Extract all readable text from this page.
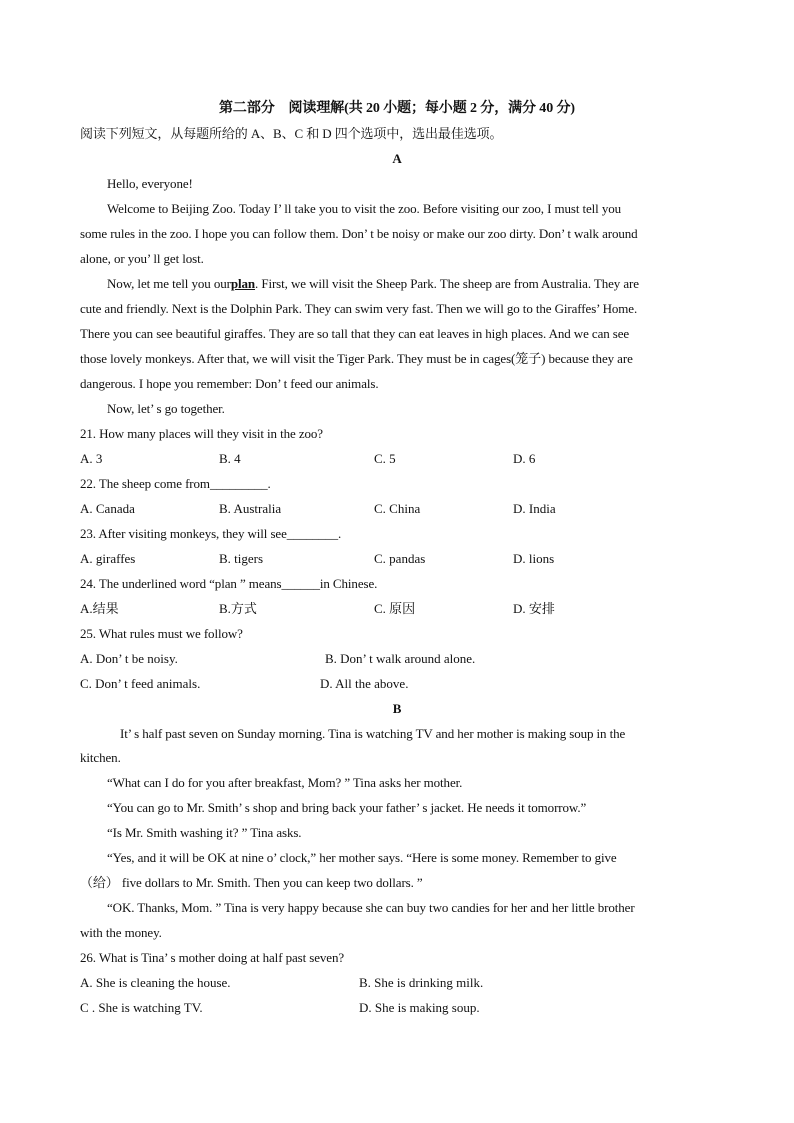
第二部分　阅读理解(共 20 小题；每小题 2 分，满分 40 分)
阅读下列短文，从每题所给的 A、B、C 和 D 四个选项中，选出最佳选项。
A
Hello, everyone!
Welcome to Beijing Zoo. Today I’ ll take you to visit the zoo. Before visiting our zoo, I must tell you
some rules in the zoo. I hope you can follow them. Don’ t be noisy or make our zoo dirty. Don’ t walk around
alone, or you’ ll get lost.
Now, let me tell you ourplan. First, we will visit the Sheep Park. The sheep are from Australia. They are
cute and friendly. Next is the Dolphin Park. They can swim very fast. Then we will go to the Giraffes’ Home.
There you can see beautiful giraffes. They are so tall that they can eat leaves in high places. And we can see
those lovely monkeys. After that, we will visit the Tiger Park. They must be in cages(笼子) because they are
dangerous. I hope you remember: Don’ t feed our animals.
Now, let’ s go together.
21. How many places will they visit in the zoo?
A. 3	B. 4	C. 5	D. 6
22. The sheep come from_________.
A. Canada	B. Australia	C. China	D. India
23. After visiting monkeys, they will see________.
A. giraffes	B. tigers	C. pandas	D. lions
24. The underlined word “plan ” means______in Chinese.
A.结果	B.方式	C. 原因	D. 安排
25. What rules must we follow?
A. Don’ t be noisy.	B. Don’ t walk around alone.
C. Don’ t feed animals.	D. All the above.
B
It’ s half past seven on Sunday morning. Tina is watching TV and her mother is making soup in the
kitchen.
“What can I do for you after breakfast, Mom? ” Tina asks her mother.
“You can go to Mr. Smith’ s shop and bring back your father’ s jacket. He needs it tomorrow.”
“Is Mr. Smith washing it? ” Tina asks.
“Yes, and it will be OK at nine o’ clock,” her mother says. “Here is some money. Remember to give
（给） five dollars to Mr. Smith. Then you can keep two dollars. ”
“OK. Thanks, Mom. ” Tina is very happy because she can buy two candies for her and her little brother
with the money.
26. What is Tina’ s mother doing at half past seven?
A. She is cleaning the house.	B. She is drinking milk.
C . She is watching TV.	D. She is making soup.
